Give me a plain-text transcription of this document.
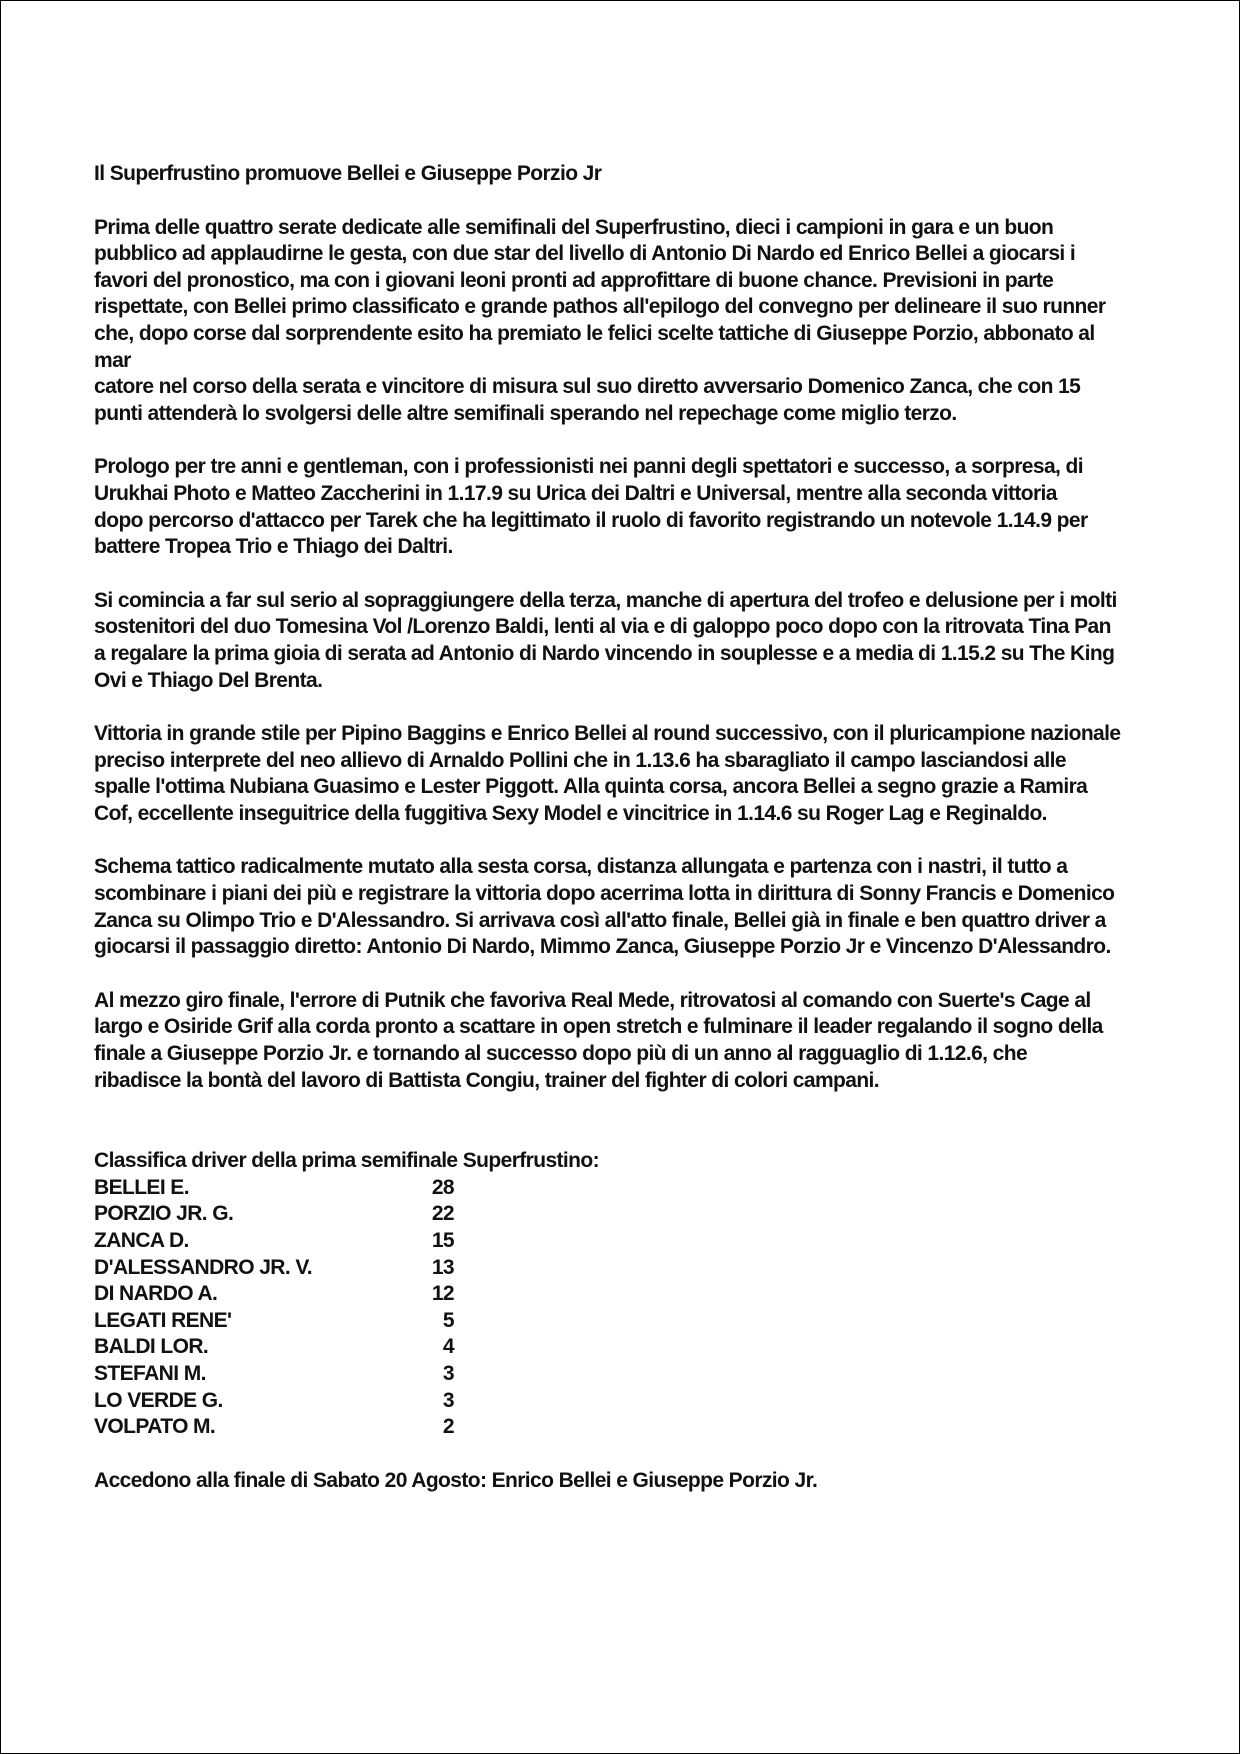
Il Superfrustino promuove Bellei e Giuseppe Porzio Jr
Prima delle quattro serate dedicate alle semifinali del Superfrustino, dieci i campioni in gara e un buon
pubblico ad applaudirne le gesta, con due star del livello di Antonio Di Nardo ed Enrico Bellei a giocarsi i
favori del pronostico, ma con i giovani leoni pronti ad approfittare di buone chance. Previsioni in parte
rispettate, con Bellei primo classificato e grande pathos all'epilogo del convegno per delineare il suo runner
che, dopo corse dal sorprendente esito ha premiato le felici scelte tattiche di Giuseppe Porzio, abbonato al
mar
catore nel corso della serata e vincitore di misura sul suo diretto avversario Domenico Zanca, che con 15
punti attenderà lo svolgersi delle altre semifinali sperando nel repechage come miglio terzo.
Prologo per tre anni e gentleman, con i professionisti nei panni degli spettatori e successo, a sorpresa, di
Urukhai Photo e Matteo Zaccherini in 1.17.9 su Urica dei Daltri e Universal, mentre alla seconda vittoria
dopo percorso d'attacco per Tarek che ha legittimato il ruolo di favorito registrando un notevole 1.14.9 per
battere Tropea Trio e Thiago dei Daltri.
Si comincia a far sul serio al sopraggiungere della terza, manche di apertura del trofeo e delusione per i molti
sostenitori del duo Tomesina Vol /Lorenzo Baldi, lenti al via e di galoppo poco dopo con la ritrovata Tina Pan
a regalare la prima gioia di serata ad Antonio di Nardo vincendo in souplesse e a media di 1.15.2 su The King
Ovi e Thiago Del Brenta.
Vittoria in grande stile per Pipino Baggins e Enrico Bellei al round successivo, con il pluricampione nazionale
preciso interprete del neo allievo di Arnaldo Pollini che in 1.13.6 ha sbaragliato il campo lasciandosi alle
spalle l'ottima Nubiana Guasimo e Lester Piggott. Alla quinta corsa, ancora Bellei a segno grazie a Ramira
Cof, eccellente inseguitrice della fuggitiva Sexy Model e vincitrice in 1.14.6 su Roger Lag e Reginaldo.
Schema tattico radicalmente mutato alla sesta corsa, distanza allungata e partenza con i nastri, il tutto a
scombinare i piani dei più e registrare la vittoria dopo acerrima lotta in dirittura di Sonny Francis e Domenico
Zanca su Olimpo Trio e D'Alessandro. Si arrivava così all'atto finale, Bellei già in finale e ben quattro driver a
giocarsi il passaggio diretto: Antonio Di Nardo, Mimmo Zanca, Giuseppe Porzio Jr e Vincenzo D'Alessandro.
Al mezzo giro finale, l'errore di Putnik che favoriva Real Mede, ritrovatosi al comando con Suerte's Cage al
largo e Osiride Grif alla corda pronto a scattare in open stretch e fulminare il leader regalando il sogno della
finale a Giuseppe Porzio Jr. e tornando al successo dopo più di un anno al ragguaglio di 1.12.6, che
ribadisce la bontà del lavoro di Battista Congiu, trainer del fighter di colori campani.
Classifica driver della prima semifinale Superfrustino:
BELLEI E.	28
PORZIO JR. G.	22
ZANCA D.	15
D'ALESSANDRO JR. V.	13
DI NARDO A.	12
LEGATI RENE'	5
BALDI LOR.	4
STEFANI M.	3
LO VERDE G.	3
VOLPATO M.	2
Accedono alla finale di Sabato 20 Agosto: Enrico Bellei e Giuseppe Porzio Jr.
